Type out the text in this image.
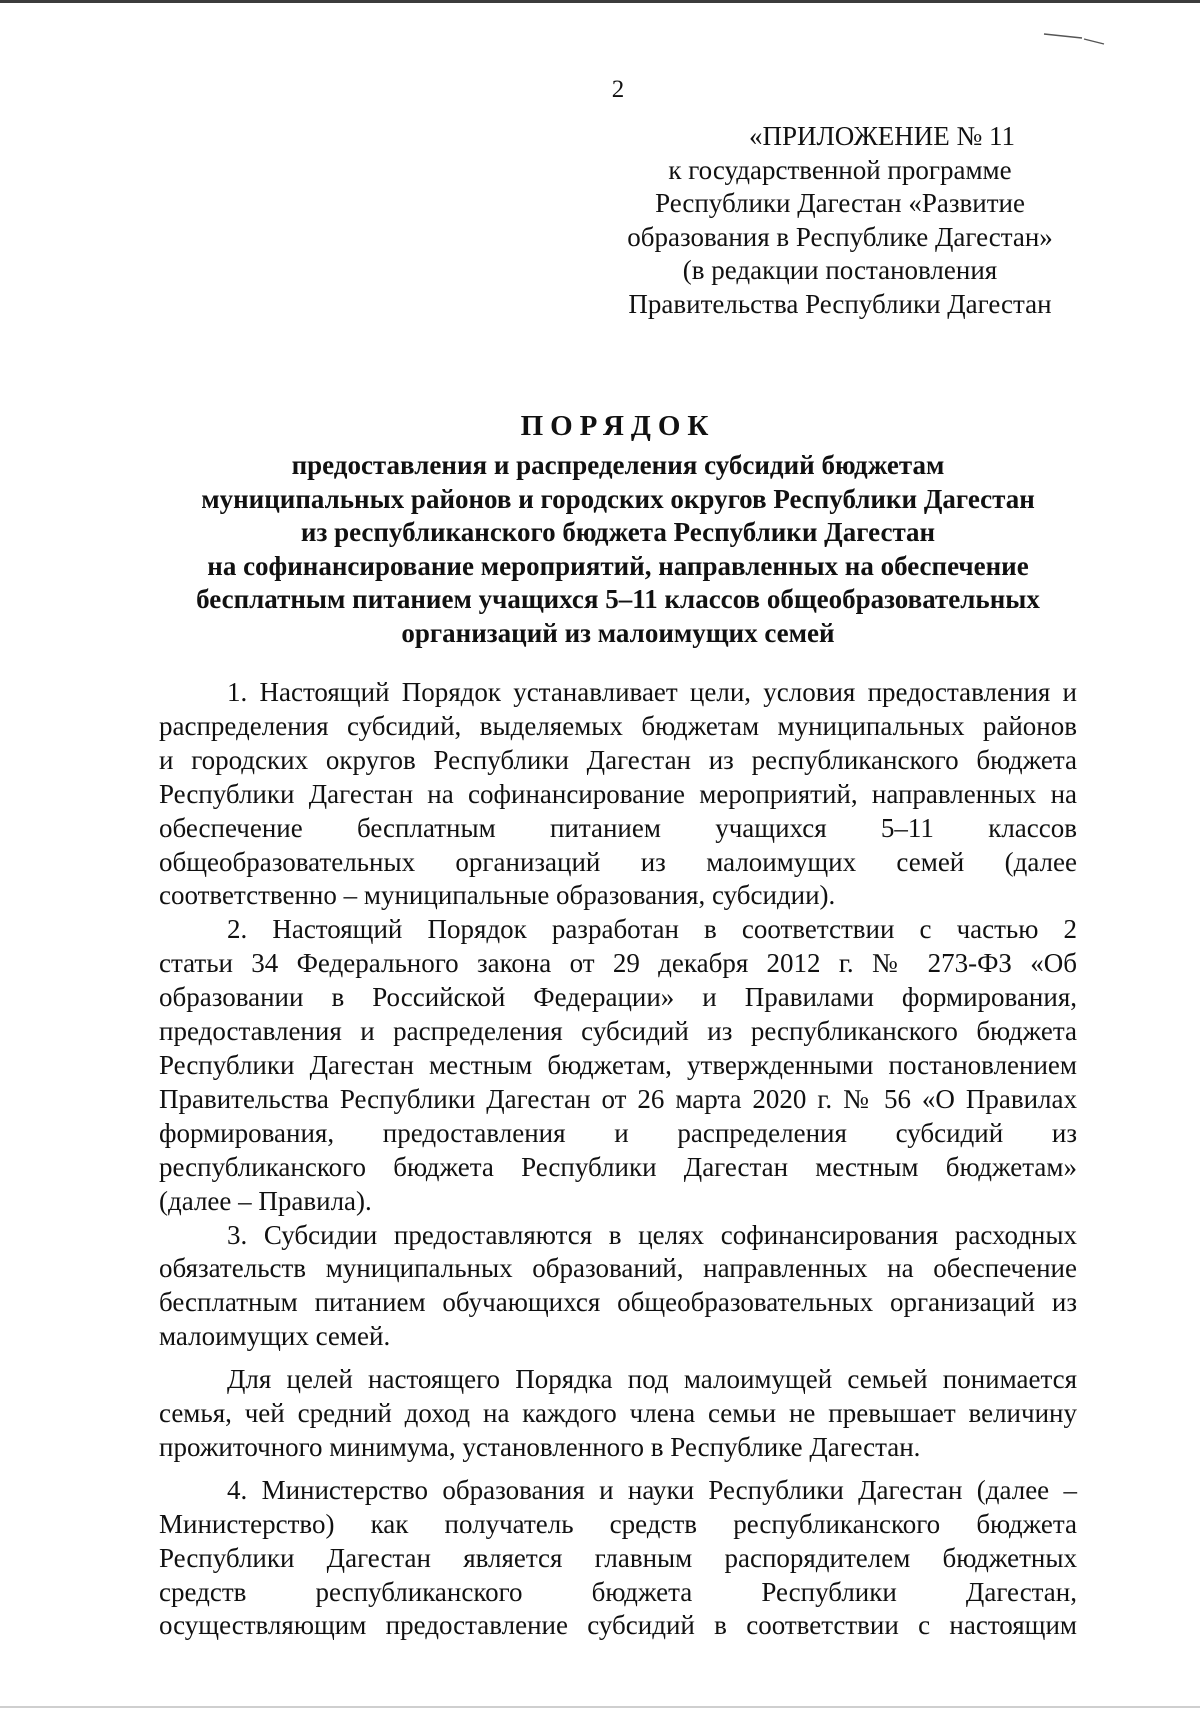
2
«ПРИЛОЖЕНИЕ № 11
к государственной программе
Республики Дагестан «Развитие
образования в Республике Дагестан»
(в редакции постановления
Правительства Республики Дагестан
ПОРЯДОК
предоставления и распределения субсидий бюджетам
муниципальных районов и городских округов Республики Дагестан
из республиканского бюджета Республики Дагестан
на софинансирование мероприятий, направленных на обеспечение
бесплатным питанием учащихся 5–11 классов общеобразовательных
организаций из малоимущих семей

1. Настоящий Порядок устанавливает цели, условия предоставления и
распределения субсидий, выделяемых бюджетам муниципальных районов
и городских округов Республики Дагестан из республиканского бюджета
Республики Дагестан на софинансирование мероприятий, направленных на
обеспечение бесплатным питанием учащихся 5–11 классов
общеобразовательных организаций из малоимущих семей (далее
соответственно – муниципальные образования, субсидии).

2. Настоящий Порядок разработан в соответствии с частью 2
статьи 34 Федерального закона от 29 декабря 2012 г. № 273-ФЗ «Об
образовании в Российской Федерации» и Правилами формирования,
предоставления и распределения субсидий из республиканского бюджета
Республики Дагестан местным бюджетам, утвержденными постановлением
Правительства Республики Дагестан от 26 марта 2020 г. № 56 «О Правилах
формирования, предоставления и распределения субсидий из
республиканского бюджета Республики Дагестан местным бюджетам»
(далее – Правила).

3. Субсидии предоставляются в целях софинансирования расходных
обязательств муниципальных образований, направленных на обеспечение
бесплатным питанием обучающихся общеобразовательных организаций из
малоимущих семей.

Для целей настоящего Порядка под малоимущей семьей понимается
семья, чей средний доход на каждого члена семьи не превышает величину
прожиточного минимума, установленного в Республике Дагестан.

4. Министерство образования и науки Республики Дагестан (далее –
Министерство) как получатель средств республиканского бюджета
Республики Дагестан является главным распорядителем бюджетных
средств республиканского бюджета Республики Дагестан,
осуществляющим предоставление субсидий в соответствии с настоящим
